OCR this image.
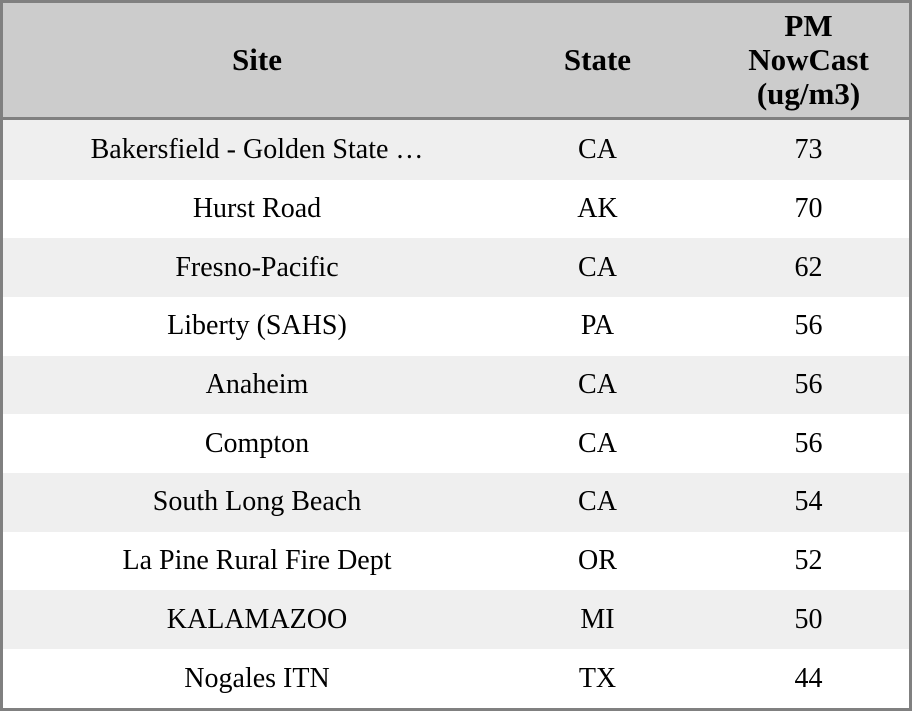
Site	State	PM
NowCast
(ug/m3)

Bakersfield - Golden State …	CA	73
Hurst Road	AK	70
Fresno-Pacific	CA	62
Liberty (SAHS)	PA	56
Anaheim	CA	56
Compton	CA	56
South Long Beach	CA	54
La Pine Rural Fire Dept	OR	52
KALAMAZOO	MI	50
Nogales ITN	TX	44
